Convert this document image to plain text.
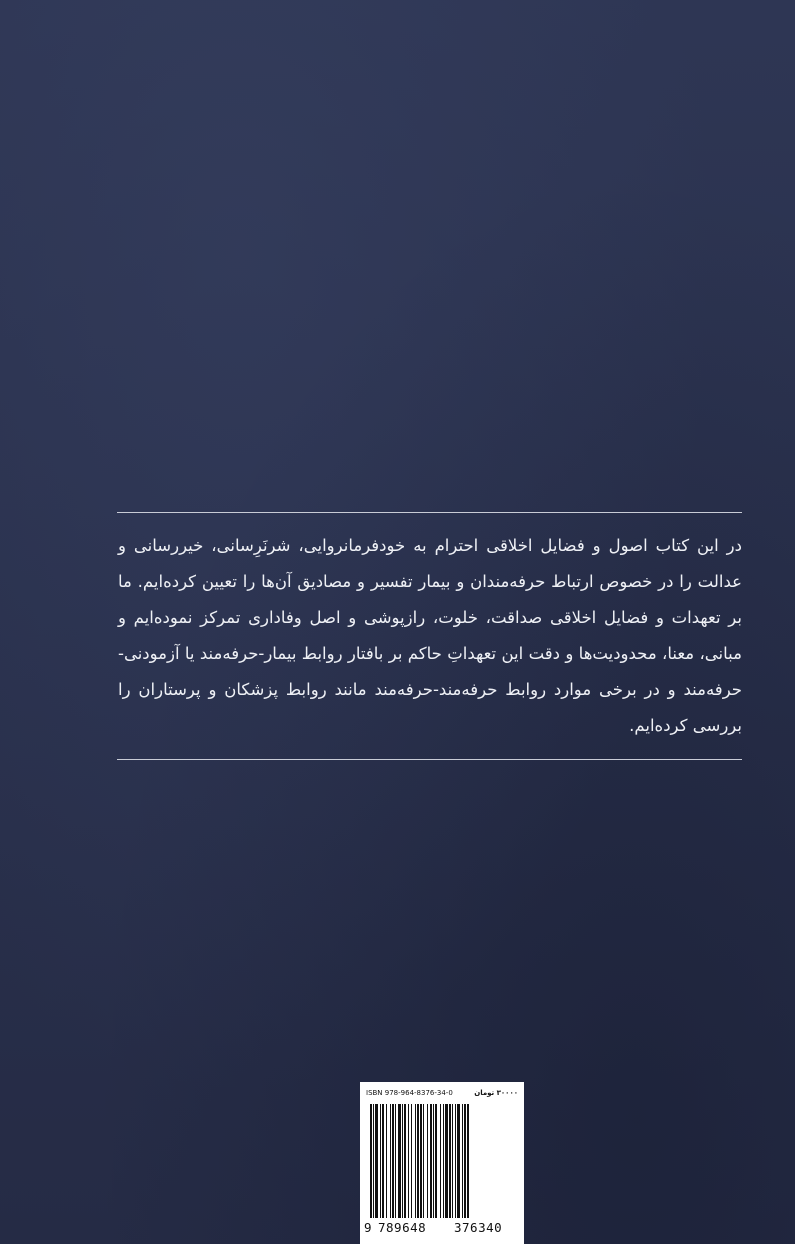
در این کتاب اصول و فضایل اخلاقی احترام به خودفرمانروایی، شرنَرِسانی، خیررسانی و عدالت را در خصوص ارتباط حرفه‌مندان و بیمار تفسیر و مصادیق آن‌ها را تعیین کرده‌ایم. ما بر تعهدات و فضایل اخلاقی صداقت، خلوت، رازپوشی و اصل وفاداری تمرکز نموده‌ایم و مبانی، معنا، محدودیت‌ها و دقت این تعهداتِ حاکم بر بافتار روابط بیمار-حرفه‌مند یا آزمودنی-حرفه‌مند و در برخی موارد روابط حرفه‌مند-حرفه‌مند مانند روابط پزشکان و پرستاران را بررسی کرده‌ایم.

ISBN 978-964-8376-34-0	۳۰۰۰۰ تومان
9 789648 376340
